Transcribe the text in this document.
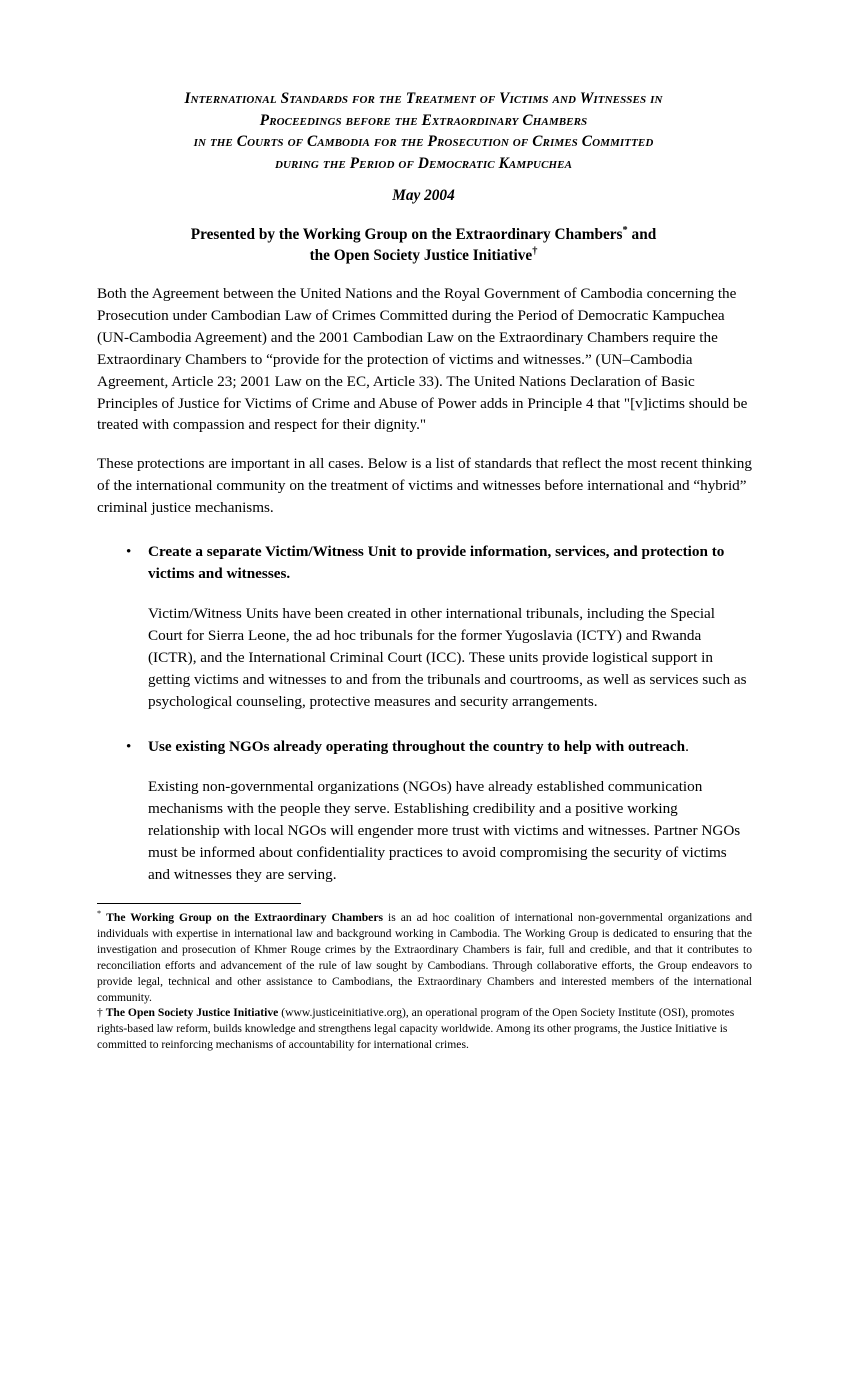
International Standards for the Treatment of Victims and Witnesses in
Proceedings before the Extraordinary Chambers
in the Courts of Cambodia for the Prosecution of Crimes Committed
during the Period of Democratic Kampuchea
May 2004
Presented by the Working Group on the Extraordinary Chambers* and
the Open Society Justice Initiative†

Both the Agreement between the United Nations and the Royal Government of Cambodia concerning the Prosecution under Cambodian Law of Crimes Committed during the Period of Democratic Kampuchea (UN-Cambodia Agreement) and the 2001 Cambodian Law on the Extraordinary Chambers require the Extraordinary Chambers to “provide for the protection of victims and witnesses.” (UN–Cambodia Agreement, Article 23; 2001 Law on the EC, Article 33). The United Nations Declaration of Basic Principles of Justice for Victims of Crime and Abuse of Power adds in Principle 4 that "[v]ictims should be treated with compassion and respect for their dignity."

These protections are important in all cases. Below is a list of standards that reflect the most recent thinking of the international community on the treatment of victims and witnesses before international and “hybrid” criminal justice mechanisms.

• Create a separate Victim/Witness Unit to provide information, services, and protection to victims and witnesses.

Victim/Witness Units have been created in other international tribunals, including the Special Court for Sierra Leone, the ad hoc tribunals for the former Yugoslavia (ICTY) and Rwanda (ICTR), and the International Criminal Court (ICC). These units provide logistical support in getting victims and witnesses to and from the tribunals and courtrooms, as well as services such as psychological counseling, protective measures and security arrangements.

• Use existing NGOs already operating throughout the country to help with outreach.

Existing non-governmental organizations (NGOs) have already established communication mechanisms with the people they serve. Establishing credibility and a positive working relationship with local NGOs will engender more trust with victims and witnesses. Partner NGOs must be informed about confidentiality practices to avoid compromising the security of victims and witnesses they are serving.

* The Working Group on the Extraordinary Chambers is an ad hoc coalition of international non-governmental organizations and individuals with expertise in international law and background working in Cambodia. The Working Group is dedicated to ensuring that the investigation and prosecution of Khmer Rouge crimes by the Extraordinary Chambers is fair, full and credible, and that it contributes to reconciliation efforts and advancement of the rule of law sought by Cambodians. Through collaborative efforts, the Group endeavors to provide legal, technical and other assistance to Cambodians, the Extraordinary Chambers and interested members of the international community.

† The Open Society Justice Initiative (www.justiceinitiative.org), an operational program of the Open Society Institute (OSI), promotes rights-based law reform, builds knowledge and strengthens legal capacity worldwide. Among its other programs, the Justice Initiative is committed to reinforcing mechanisms of accountability for international crimes.
